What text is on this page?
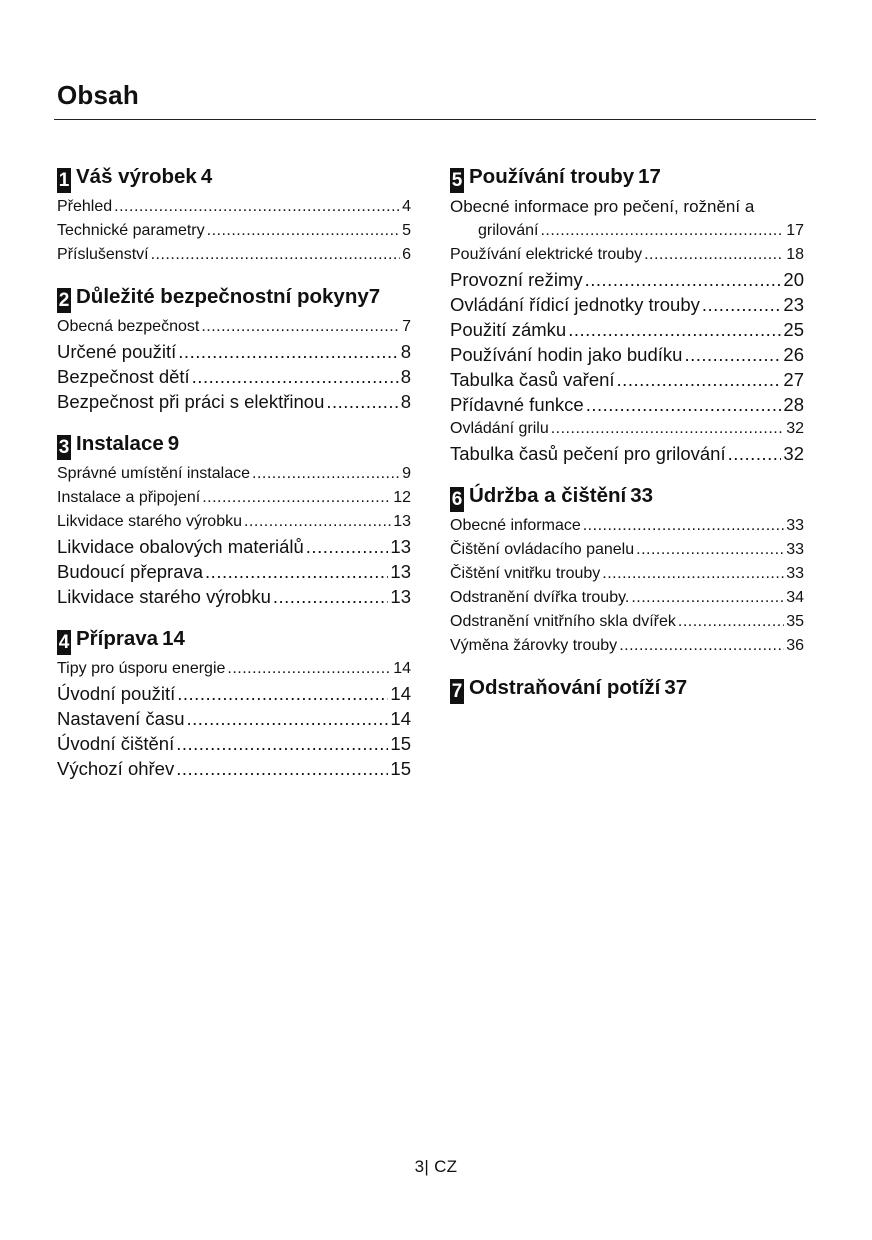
Obsah
1 Váš výrobek 4
Přehled .....	4
Technické parametry .....	5
Příslušenství .....	6
2 Důležité bezpečnostní pokyny 7
Obecná bezpečnost .....	7
Určené použití .....	8
Bezpečnost dětí .....	8
Bezpečnost při práci s elektřinou .....	8
3 Instalace 9
Správné umístění instalace .....	9
Instalace a připojení .....	12
Likvidace starého výrobku .....	13
Likvidace obalových materiálů .....	13
Budoucí přeprava .....	13
Likvidace starého výrobku .....	13
4 Příprava 14
Tipy pro úsporu energie .....	14
Úvodní použití .....	14
Nastavení času .....	14
Úvodní čištění .....	15
Výchozí ohřev .....	15
5 Používání trouby 17
Obecné informace pro pečení, rožnění a
grilování .....	17
Používání elektrické trouby .....	18
Provozní režimy .....	20
Ovládání řídicí jednotky trouby .....	23
Použití zámku .....	25
Používání hodin jako budíku .....	26
Tabulka časů vaření .....	27
Přídavné funkce .....	28
Ovládání grilu .....	32
Tabulka časů pečení pro grilování .....	32
6 Údržba a čištění 33
Obecné informace .....	33
Čištění ovládacího panelu .....	33
Čištění vnitřku trouby .....	33
Odstranění dvířka trouby. .....	34
Odstranění vnitřního skla dvířek .....	35
Výměna žárovky trouby .....	36
7 Odstraňování potíží 37
3| CZ
